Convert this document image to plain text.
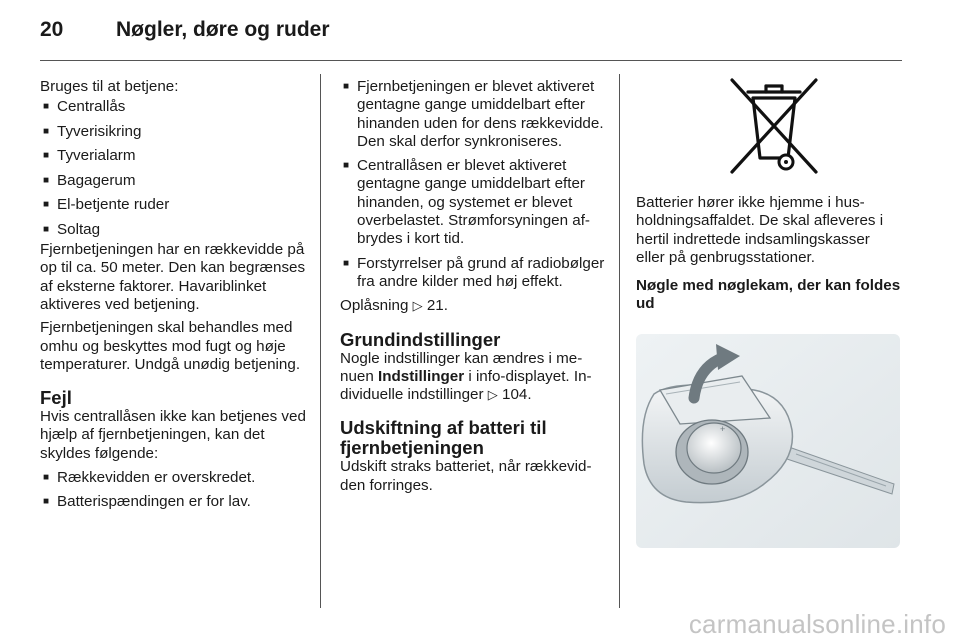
20	Nøgler, døre og ruder

Bruges til at betjene:

■ Centrallås
■ Tyverisikring
■ Tyverialarm
■ Bagagerum
■ El-betjente ruder
■ Soltag

Fjernbetjeningen har en rækkevidde på op til ca. 50 meter. Den kan begrænses af eksterne faktorer. Havariblinket aktiveres ved betjening.

Fjernbetjeningen skal behandles med omhu og beskyttes mod fugt og høje temperaturer. Undgå unødig betjening.

Fejl

Hvis centrallåsen ikke kan betjenes ved hjælp af fjernbetjeningen, kan det skyldes følgende:

■ Rækkevidden er overskredet.
■ Batterispændingen er for lav.
■ Fjernbetjeningen er blevet aktiveret gentagne gange umiddelbart efter hinanden uden for dens rækkevidde. Den skal derfor synkroniseres.
■ Centrallåsen er blevet aktiveret gentagne gange umiddelbart efter hinanden, og systemet er blevet overbelastet. Strømforsyningen afbrydes i kort tid.
■ Forstyrrelser på grund af radiobølger fra andre kilder med høj effekt.

Oplåsning ▷ 21.

Grundindstillinger

Nogle indstillinger kan ændres i menuen Indstillinger i info-displayet. Individuelle indstillinger ▷ 104.

Udskiftning af batteri til fjernbetjeningen

Udskift straks batteriet, når rækkevidden forringes.

Batterier hører ikke hjemme i husholdningsaffaldet. De skal afleveres i hertil indrettede indsamlingskasser eller på genbrugsstationer.

Nøgle med nøglekam, der kan foldes ud
+
carmanualsonline.info
